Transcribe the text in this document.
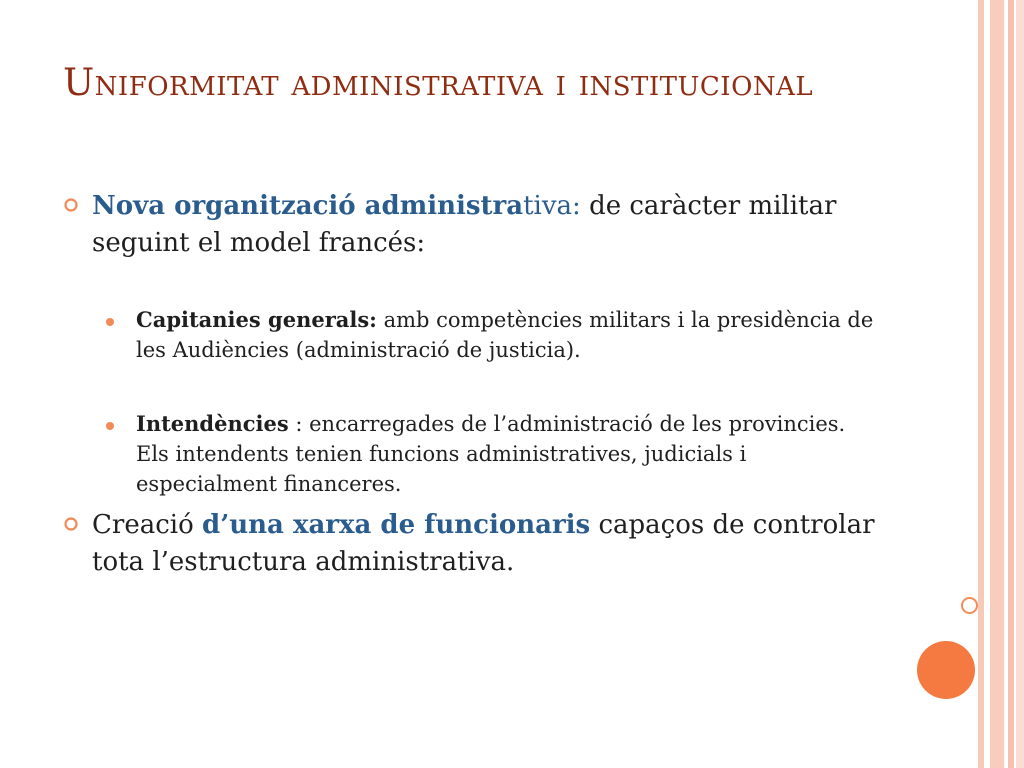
Uniformitat administrativa i institucional
Nova organització administrativa: de caràcter militar seguint el model francés:
Capitanies generals: amb competències militars i la presidència de les Audiències (administració de justicia).
Intendències : encarregades de l’administració de les provincies. Els intendents tenien funcions administratives, judicials i especialment financeres.
Creació d’una xarxa de funcionaris capaços de controlar tota l’estructura administrativa.
